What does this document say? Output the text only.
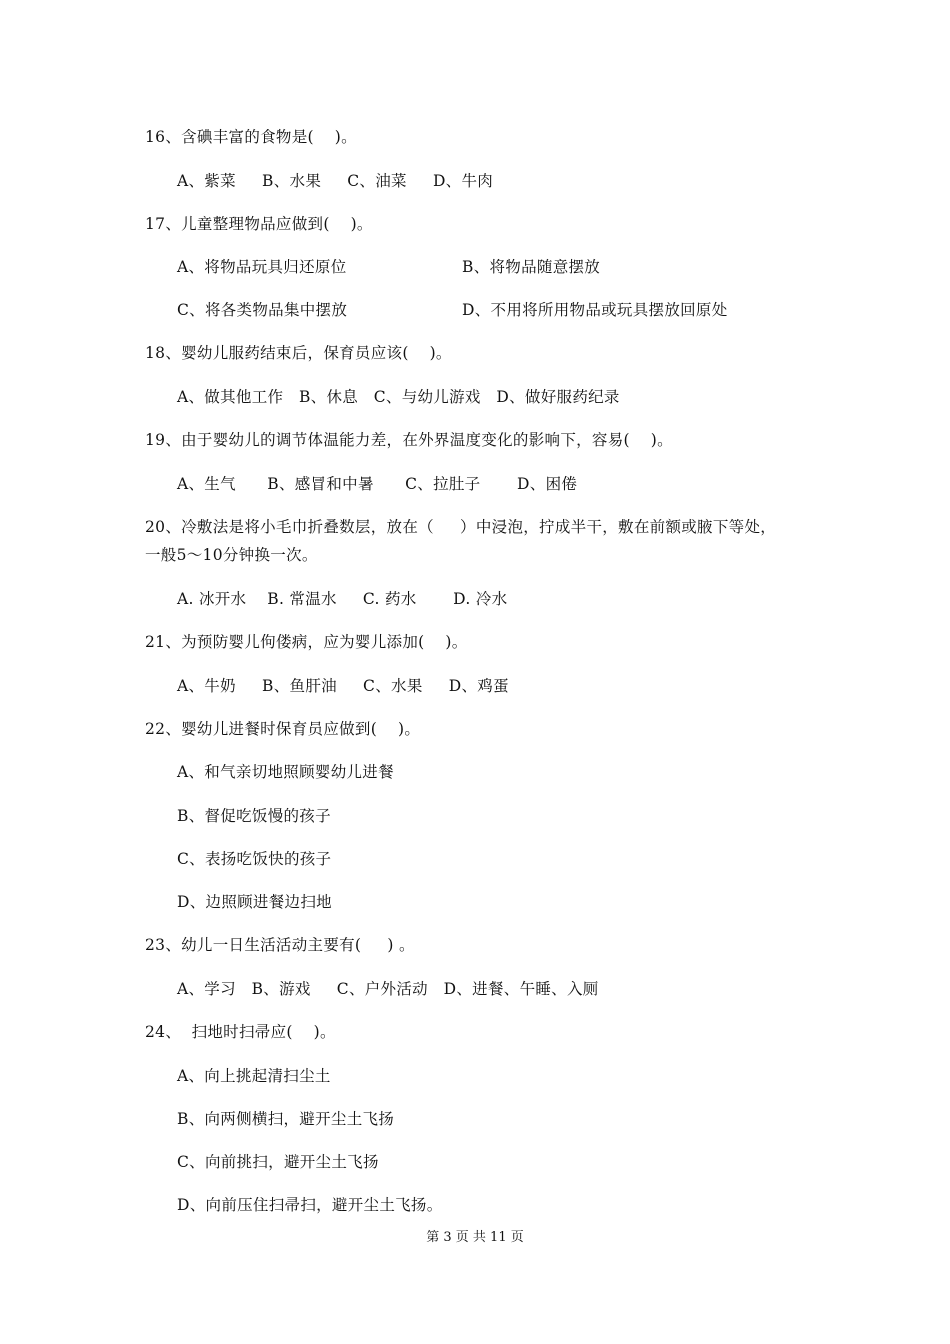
16、含碘丰富的食物是(    )。
A、紫菜     B、水果     C、油菜     D、牛肉
17、儿童整理物品应做到(    )。
A、将物品玩具归还原位	B、将物品随意摆放
C、将各类物品集中摆放	D、不用将所用物品或玩具摆放回原处
18、婴幼儿服药结束后，保育员应该(    )。
A、做其他工作   B、休息   C、与幼儿游戏   D、做好服药纪录
19、由于婴幼儿的调节体温能力差，在外界温度变化的影响下，容易(    )。
A、生气      B、感冒和中暑      C、拉肚子       D、困倦
20、冷敷法是将小毛巾折叠数层，放在（     ）中浸泡，拧成半干，敷在前额或腋下等处，
一般5～10分钟换一次。
A. 冰开水    B. 常温水     C. 药水       D. 冷水
21、为预防婴儿佝偻病，应为婴儿添加(    )。
A、牛奶     B、鱼肝油     C、水果     D、鸡蛋
22、婴幼儿进餐时保育员应做到(    )。
A、和气亲切地照顾婴幼儿进餐
B、督促吃饭慢的孩子
C、表扬吃饭快的孩子
D、边照顾进餐边扫地
23、幼儿一日生活活动主要有(     ) 。
A、学习   B、游戏     C、户外活动   D、进餐、午睡、入厕
24、  扫地时扫帚应(    )。
A、向上挑起清扫尘土
B、向两侧横扫，避开尘土飞扬
C、向前挑扫，避开尘土飞扬
D、向前压住扫帚扫，避开尘土飞扬。
第 3 页 共 11 页
